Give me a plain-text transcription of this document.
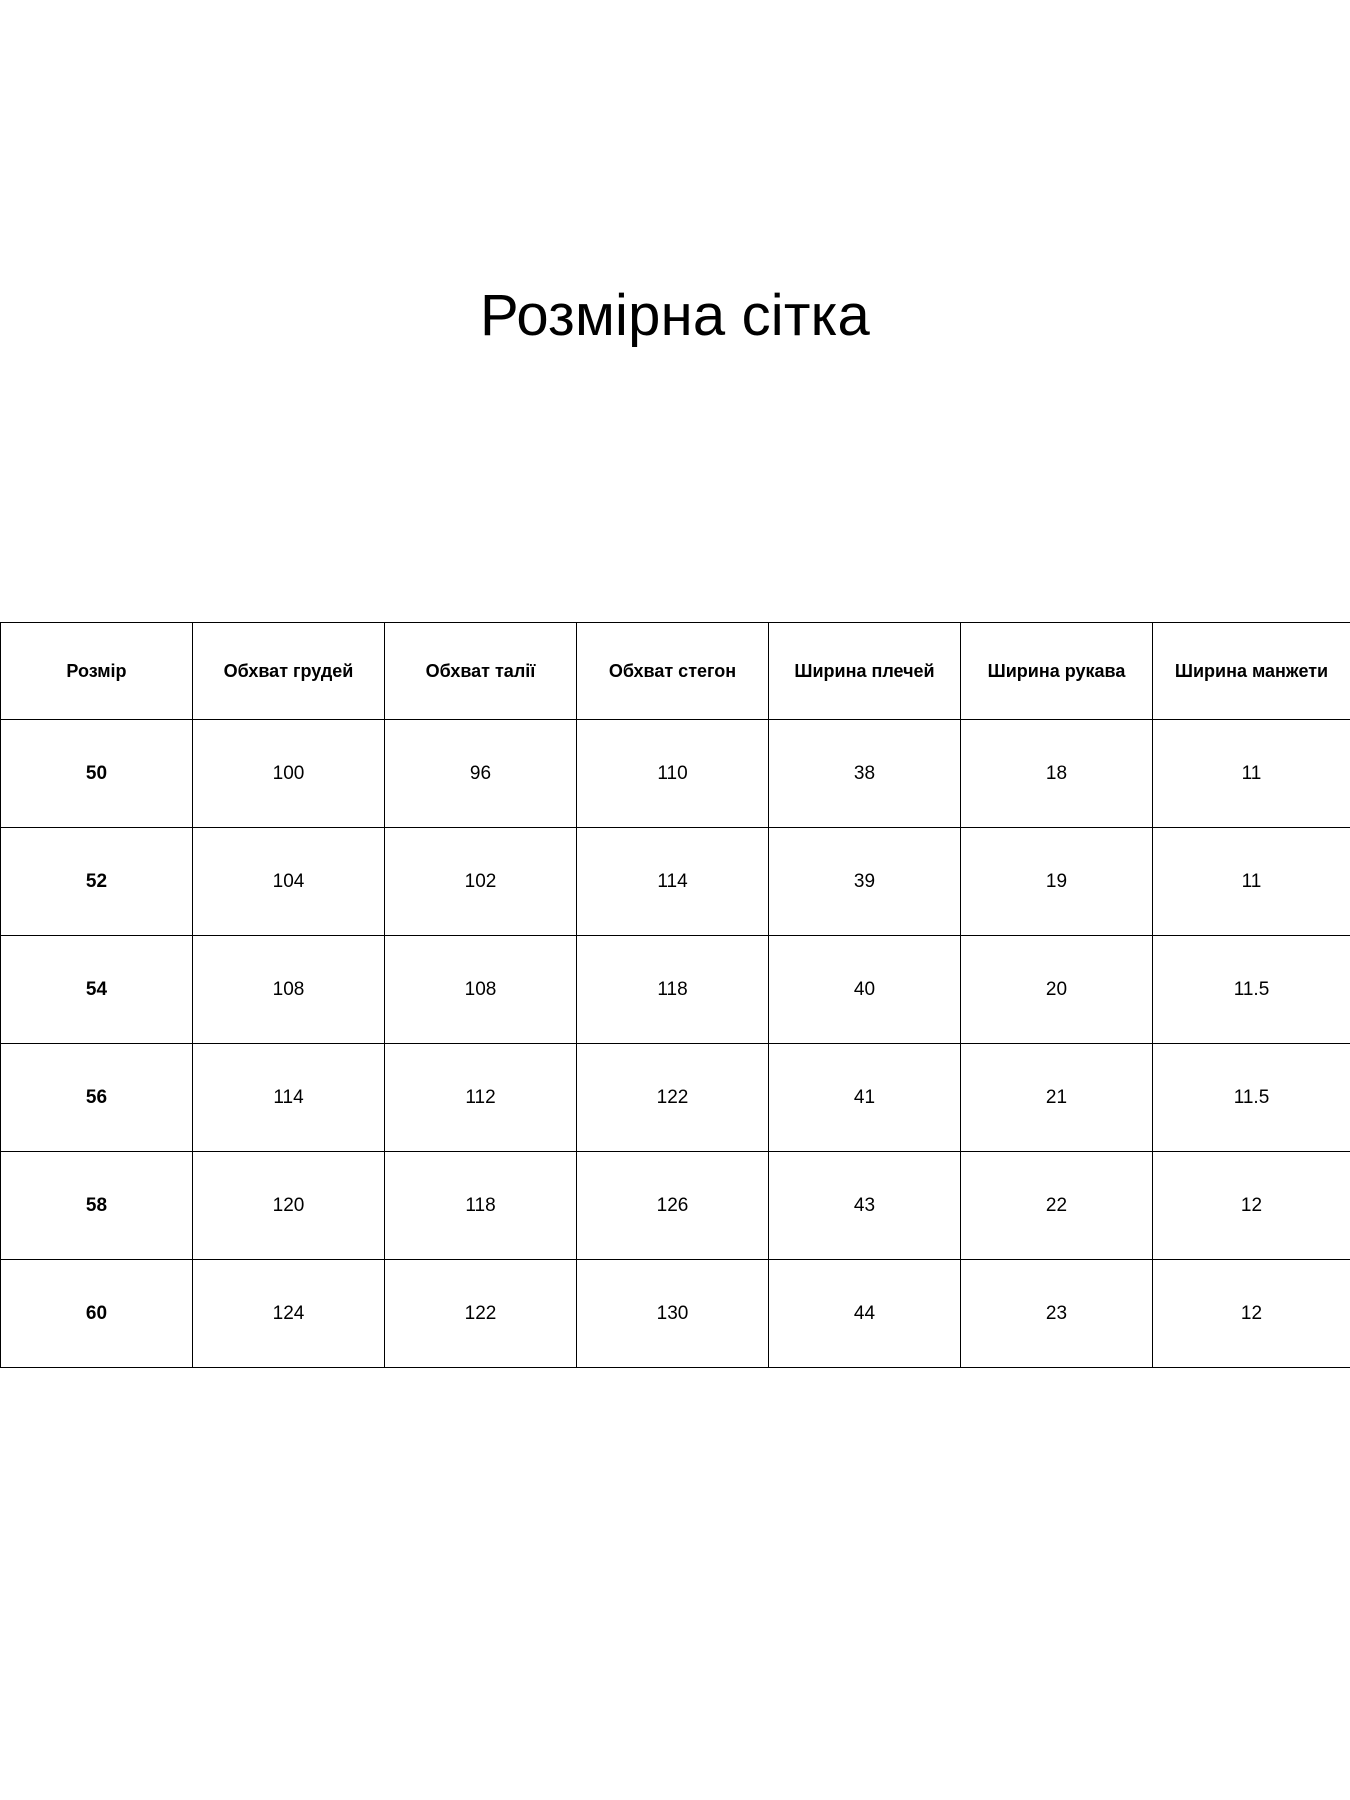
Розмірна сітка
Розмір	Обхват грудей	Обхват талії	Обхват стегон	Ширина плечей	Ширина рукава	Ширина манжети
50	100	96	110	38	18	11
52	104	102	114	39	19	11
54	108	108	118	40	20	11.5
56	114	112	122	41	21	11.5
58	120	118	126	43	22	12
60	124	122	130	44	23	12
